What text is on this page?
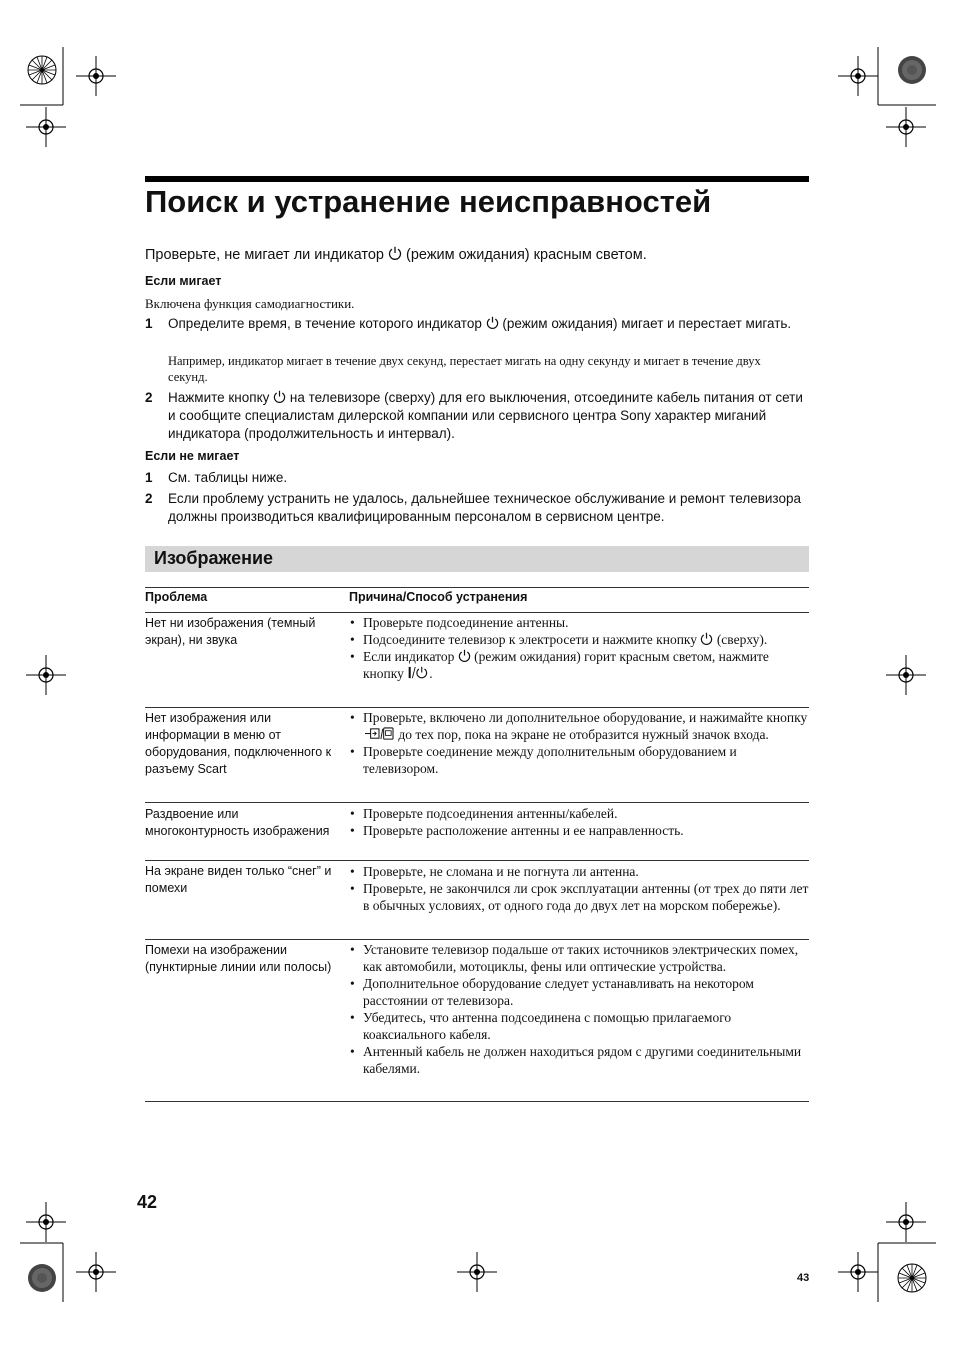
Поиск и устранение неисправностей
Проверьте, не мигает ли индикатор  (режим ожидания) красным светом.
Если мигает
Включена функция самодиагностики.
1 Определите время, в течение которого индикатор  (режим ожидания) мигает и перестает мигать.
Например, индикатор мигает в течение двух секунд, перестает мигать на одну секунду и мигает в течение двух секунд.
2 Нажмите кнопку  на телевизоре (сверху) для его выключения, отсоедините кабель питания от сети и сообщите специалистам дилерской компании или сервисного центра Sony характер миганий индикатора (продолжительность и интервал).
Если не мигает
1 См. таблицы ниже.
2 Если проблему устранить не удалось, дальнейшее техническое обслуживание и ремонт телевизора должны производиться квалифицированным персоналом в сервисном центре.
Изображение
Проблема	Причина/Способ устранения
Нет ни изображения (темный экран), ни звука
• Проверьте подсоединение антенны.
• Подсоедините телевизор к электросети и нажмите кнопку  (сверху).
• Если индикатор  (режим ожидания) горит красным светом, нажмите кнопку .
Нет изображения или информации в меню от оборудования, подключенного к разъему Scart
• Проверьте, включено ли дополнительное оборудование, и нажимайте кнопку  до тех пор, пока на экране не отобразится нужный значок входа.
• Проверьте соединение между дополнительным оборудованием и телевизором.
Раздвоение или многоконтурность изображения
• Проверьте подсоединения антенны/кабелей.
• Проверьте расположение антенны и ее направленность.
На экране виден только “снег” и помехи
• Проверьте, не сломана и не погнута ли антенна.
• Проверьте, не закончился ли срок эксплуатации антенны (от трех до пяти лет в обычных условиях, от одного года до двух лет на морском побережье).
Помехи на изображении (пунктирные линии или полосы)
• Установите телевизор подальше от таких источников электрических помех, как автомобили, мотоциклы, фены или оптические устройства.
• Дополнительное оборудование следует устанавливать на некотором расстоянии от телевизора.
• Убедитесь, что антенна подсоединена с помощью прилагаемого коаксиального кабеля.
• Антенный кабель не должен находиться рядом с другими соединительными кабелями.
42
43
